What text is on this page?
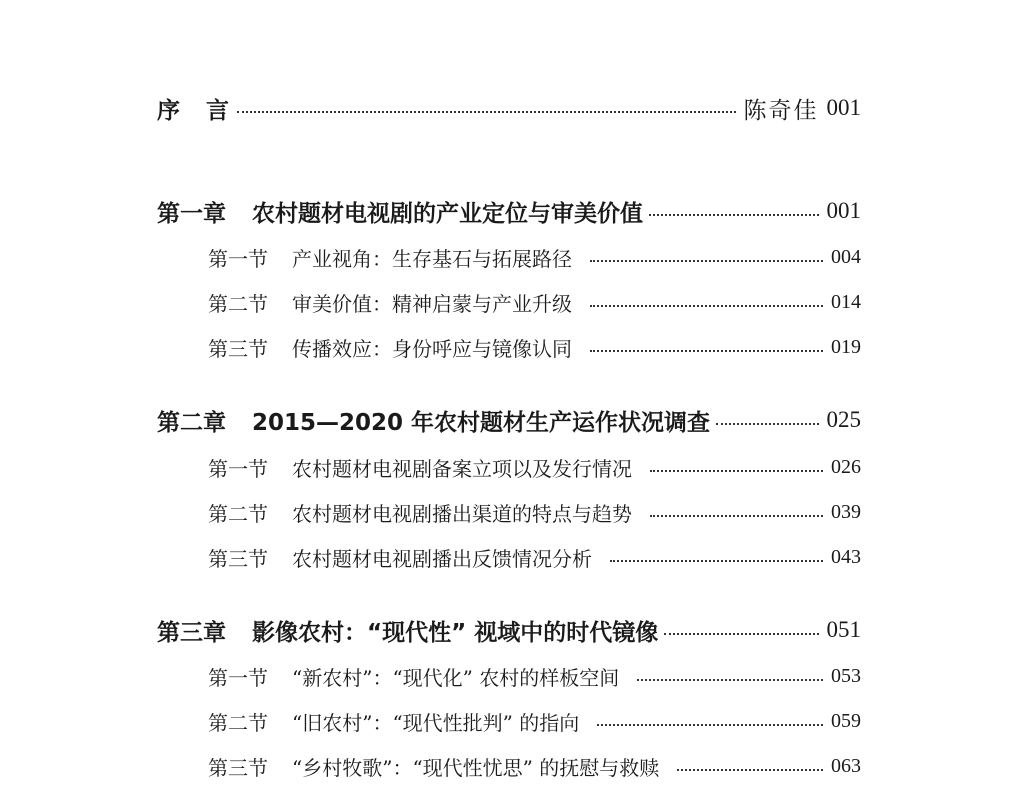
序言	陈奇佳 001
第一章 农村题材电视剧的产业定位与审美价值	001
第一节 产业视角：生存基石与拓展路径	004
第二节 审美价值：精神启蒙与产业升级	014
第三节 传播效应：身份呼应与镜像认同	019
第二章 2015—2020 年农村题材生产运作状况调查	025
第一节 农村题材电视剧备案立项以及发行情况	026
第二节 农村题材电视剧播出渠道的特点与趋势	039
第三节 农村题材电视剧播出反馈情况分析	043
第三章 影像农村：“现代性” 视域中的时代镜像	051
第一节 “新农村”：“现代化” 农村的样板空间	053
第二节 “旧农村”：“现代性批判” 的指向	059
第三节 “乡村牧歌”：“现代性忧思” 的抚慰与救赎	063
